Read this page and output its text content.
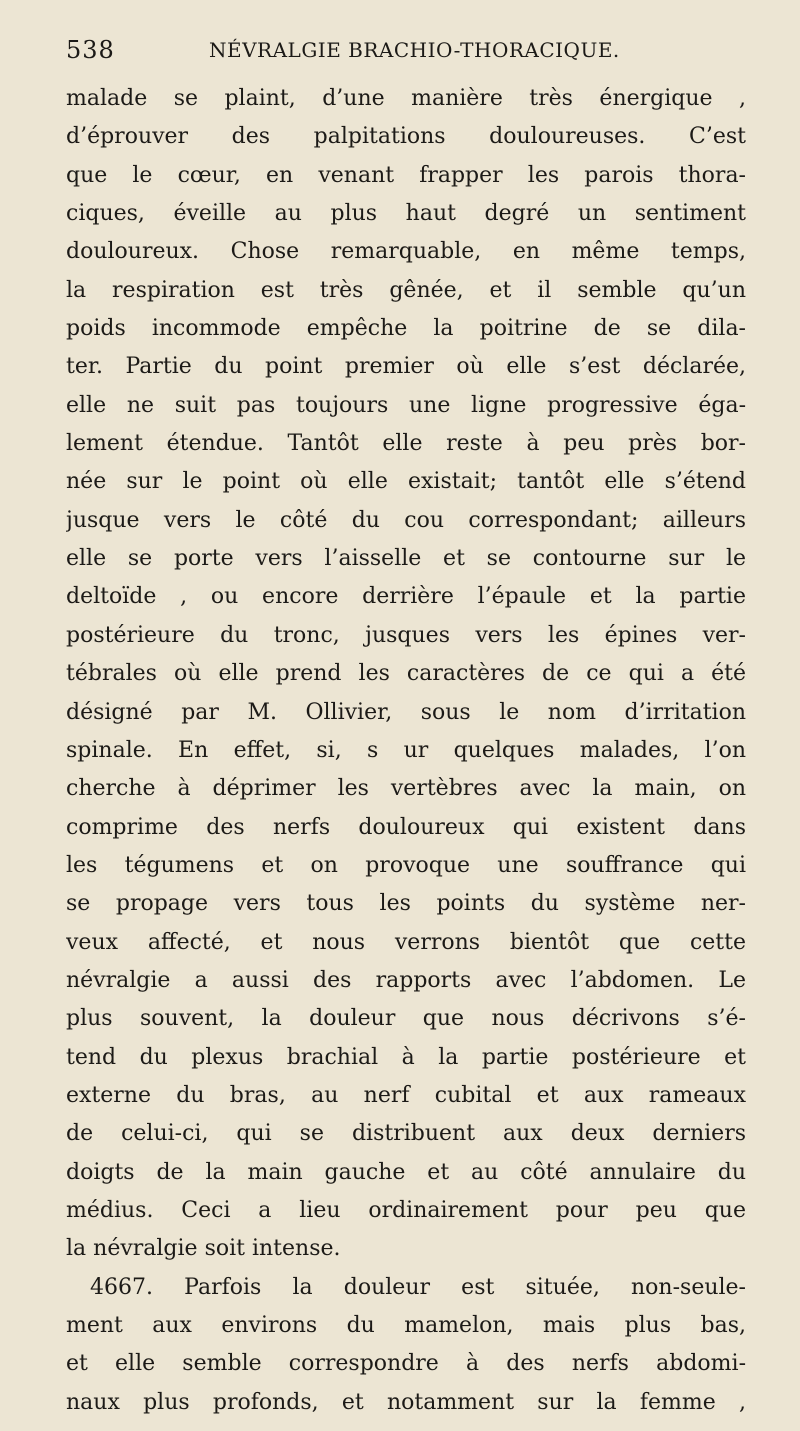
538	NÉVRALGIE BRACHIO-THORACIQUE.
malade se plaint, d’une manière très énergique ,
d’éprouver des palpitations douloureuses. C’est
que le cœur, en venant frapper les parois thora-
ciques, éveille au plus haut degré un sentiment
douloureux. Chose remarquable, en même temps,
la respiration est très gênée, et il semble qu’un
poids incommode empêche la poitrine de se dila-
ter. Partie du point premier où elle s’est déclarée,
elle ne suit pas toujours une ligne progressive éga-
lement étendue. Tantôt elle reste à peu près bor-
née sur le point où elle existait; tantôt elle s’étend
jusque vers le côté du cou correspondant; ailleurs
elle se porte vers l’aisselle et se contourne sur le
deltoïde , ou encore derrière l’épaule et la partie
postérieure du tronc, jusques vers les épines ver-
tébrales où elle prend les caractères de ce qui a été
désigné par M. Ollivier, sous le nom d’irritation
spinale. En effet, si, s ur quelques malades, l’on
cherche à déprimer les vertèbres avec la main, on
comprime des nerfs douloureux qui existent dans
les tégumens et on provoque une souffrance qui
se propage vers tous les points du système ner-
veux affecté, et nous verrons bientôt que cette
névralgie a aussi des rapports avec l’abdomen. Le
plus souvent, la douleur que nous décrivons s’é-
tend du plexus brachial à la partie postérieure et
externe du bras, au nerf cubital et aux rameaux
de celui-ci, qui se distribuent aux deux derniers
doigts de la main gauche et au côté annulaire du
médius. Ceci a lieu ordinairement pour peu que
la névralgie soit intense.
4667. Parfois la douleur est située, non-seule-
ment aux environs du mamelon, mais plus bas,
et elle semble correspondre à des nerfs abdomi-
naux plus profonds, et notamment sur la femme ,
